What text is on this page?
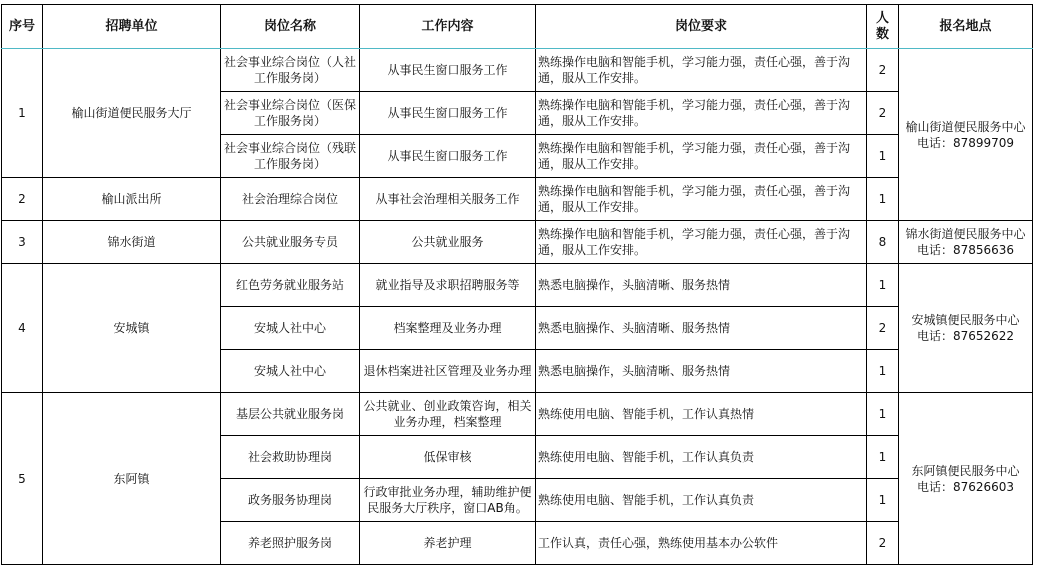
序号	招聘单位	岗位名称	工作内容	岗位要求	人数	报名地点
1	榆山街道便民服务大厅	社会事业综合岗位（人社工作服务岗）	从事民生窗口服务工作	熟练操作电脑和智能手机，学习能力强，责任心强，善于沟通，服从工作安排。	2	榆山街道便民服务中心
电话：87899709
		社会事业综合岗位（医保工作服务岗）	从事民生窗口服务工作	熟练操作电脑和智能手机，学习能力强，责任心强，善于沟通，服从工作安排。	2	
		社会事业综合岗位（残联工作服务岗）	从事民生窗口服务工作	熟练操作电脑和智能手机，学习能力强，责任心强，善于沟通，服从工作安排。	1	
2	榆山派出所	社会治理综合岗位	从事社会治理相关服务工作	熟练操作电脑和智能手机，学习能力强，责任心强，善于沟通，服从工作安排。	1	
3	锦水街道	公共就业服务专员	公共就业服务	熟练操作电脑和智能手机，学习能力强，责任心强，善于沟通，服从工作安排。	8	锦水街道便民服务中心
电话：87856636
4	安城镇	红色劳务就业服务站	就业指导及求职招聘服务等	熟悉电脑操作，头脑清晰、服务热情	1	安城镇便民服务中心
电话：87652622
		安城人社中心	档案整理及业务办理	熟悉电脑操作、头脑清晰、服务热情	2	
		安城人社中心	退休档案进社区管理及业务办理	熟悉电脑操作，头脑清晰、服务热情	1	
5	东阿镇	基层公共就业服务岗	公共就业、创业政策咨询，相关业务办理，档案整理	熟练使用电脑、智能手机，工作认真热情	1	东阿镇便民服务中心
电话：87626603
		社会救助协理岗	低保审核	熟练使用电脑、智能手机，工作认真负责	1	
		政务服务协理岗	行政审批业务办理，辅助维护便民服务大厅秩序，窗口AB角。	熟练使用电脑、智能手机，工作认真负责	1	
		养老照护服务岗	养老护理	工作认真，责任心强，熟练使用基本办公软件	2	
